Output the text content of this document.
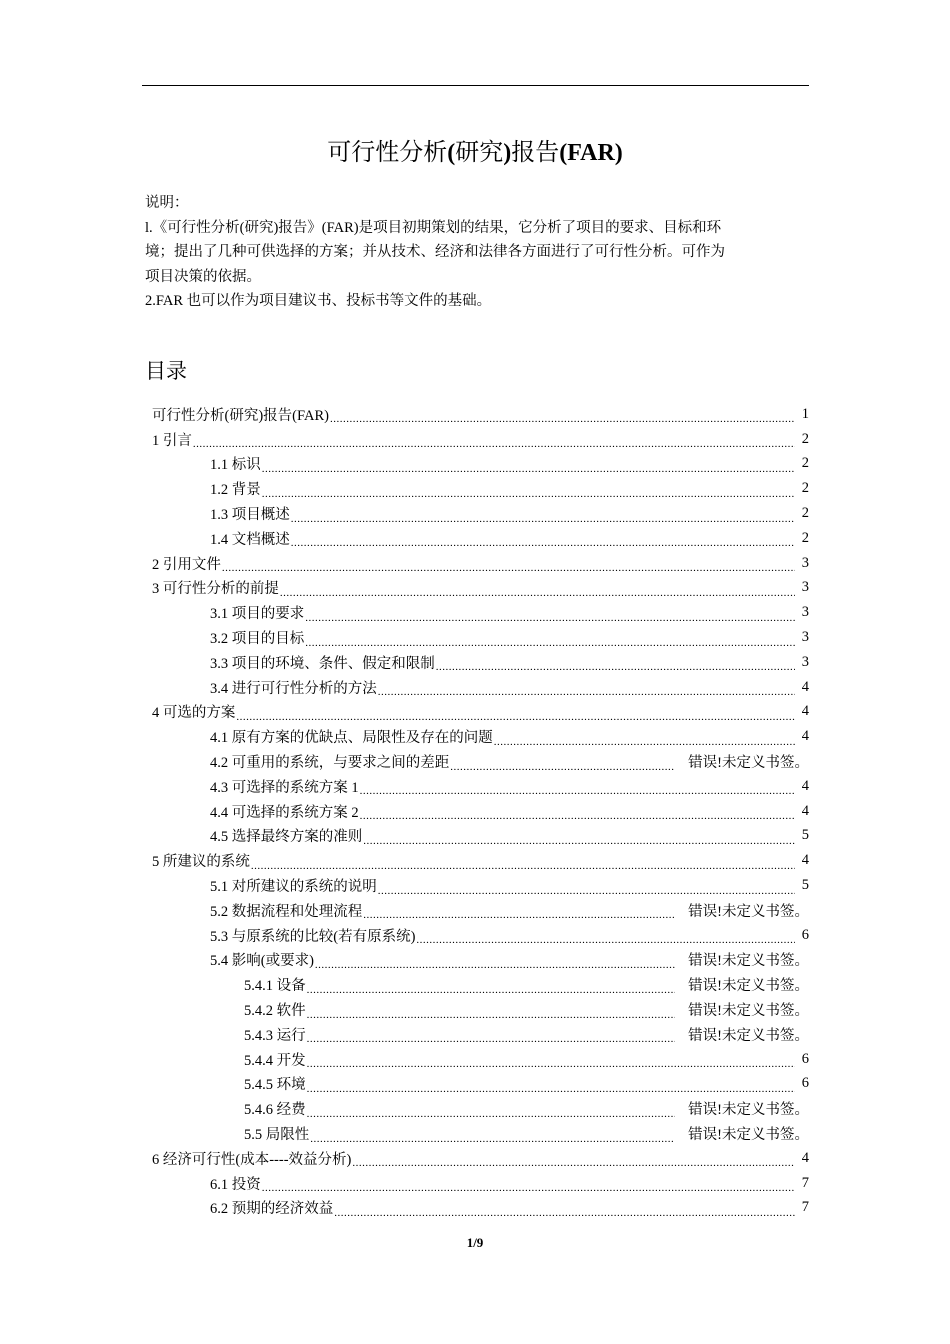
可行性分析(研究)报告(FAR)

说明：

l.《可行性分析(研究)报告》(FAR)是项目初期策划的结果，它分析了项目的要求、目标和环

境；提出了几种可供选择的方案；并从技术、经济和法律各方面进行了可行性分析。可作为

项目决策的依据。

2.FAR 也可以作为项目建议书、投标书等文件的基础。

目录
可行性分析(研究)报告(FAR) .....	1
1 引言 .....	2
1.1 标识 .....	2
1.2 背景 .....	2
1.3 项目概述 .....	2
1.4 文档概述 .....	2
2 引用文件 .....	3
3 可行性分析的前提 .....	3
3.1 项目的要求 .....	3
3.2 项目的目标 .....	3
3.3 项目的环境、条件、假定和限制 .....	3
3.4 进行可行性分析的方法 .....	4
4 可选的方案 .....	4
4.1 原有方案的优缺点、局限性及存在的问题 .....	4
4.2 可重用的系统，与要求之间的差距 .....	错误!未定义书签。
4.3 可选择的系统方案 1 .....	4
4.4 可选择的系统方案 2 .....	4
4.5 选择最终方案的准则 .....	5
5 所建议的系统 .....	4
5.1 对所建议的系统的说明 .....	5
5.2 数据流程和处理流程 .....	错误!未定义书签。
5.3 与原系统的比较(若有原系统) .....	6
5.4 影响(或要求) .....	错误!未定义书签。
5.4.1 设备 .....	错误!未定义书签。
5.4.2 软件 .....	错误!未定义书签。
5.4.3 运行 .....	错误!未定义书签。
5.4.4 开发 .....	6
5.4.5 环境 .....	6
5.4.6 经费 .....	错误!未定义书签。
5.5 局限性 .....	错误!未定义书签。
6 经济可行性(成本----效益分析) .....	4
6.1 投资 .....	7
6.2 预期的经济效益 .....	7
1/9
